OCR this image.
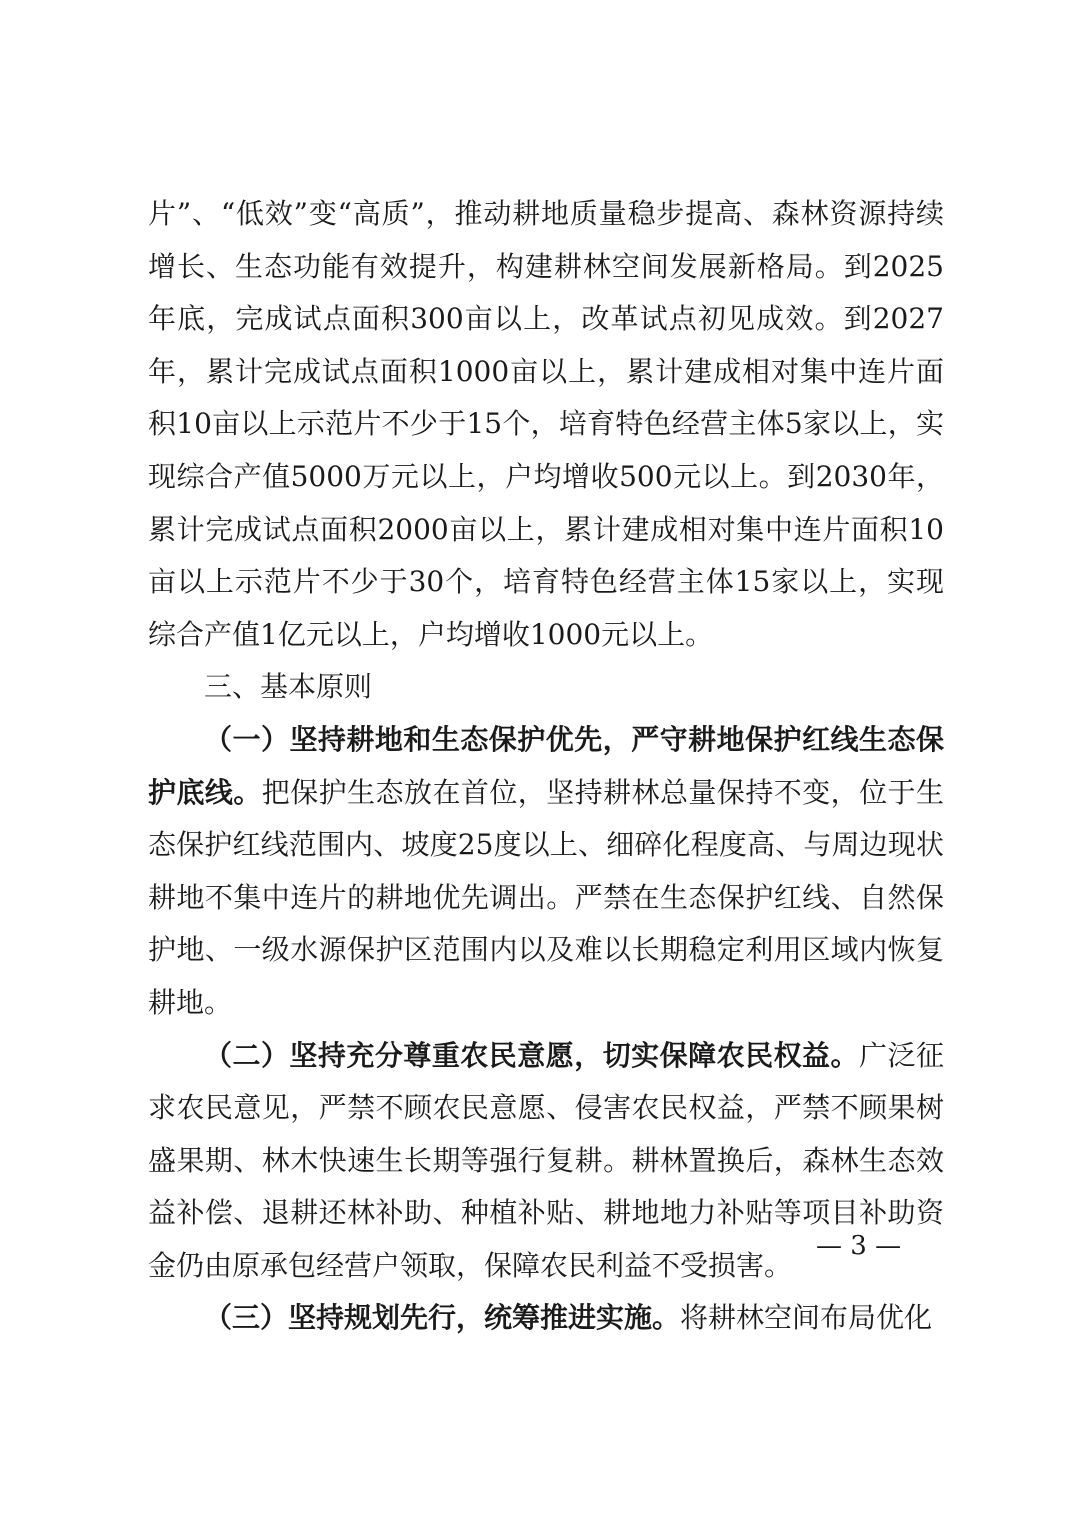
片”、“低效”变“高质”，推动耕地质量稳步提高、森林资源持续增长、生态功能有效提升，构建耕林空间发展新格局。到2025年底，完成试点面积300亩以上，改革试点初见成效。到2027年，累计完成试点面积1000亩以上，累计建成相对集中连片面积10亩以上示范片不少于15个，培育特色经营主体5家以上，实现综合产值5000万元以上，户均增收500元以上。到2030年，累计完成试点面积2000亩以上，累计建成相对集中连片面积10亩以上示范片不少于30个，培育特色经营主体15家以上，实现综合产值1亿元以上，户均增收1000元以上。

三、基本原则

（一）坚持耕地和生态保护优先，严守耕地保护红线生态保护底线。把保护生态放在首位，坚持耕林总量保持不变，位于生态保护红线范围内、坡度25度以上、细碎化程度高、与周边现状耕地不集中连片的耕地优先调出。严禁在生态保护红线、自然保护地、一级水源保护区范围内以及难以长期稳定利用区域内恢复耕地。

（二）坚持充分尊重农民意愿，切实保障农民权益。广泛征求农民意见，严禁不顾农民意愿、侵害农民权益，严禁不顾果树盛果期、林木快速生长期等强行复耕。耕林置换后，森林生态效益补偿、退耕还林补助、种植补贴、耕地地力补贴等项目补助资金仍由原承包经营户领取，保障农民利益不受损害。

（三）坚持规划先行，统筹推进实施。将耕林空间布局优化

— 3 —
